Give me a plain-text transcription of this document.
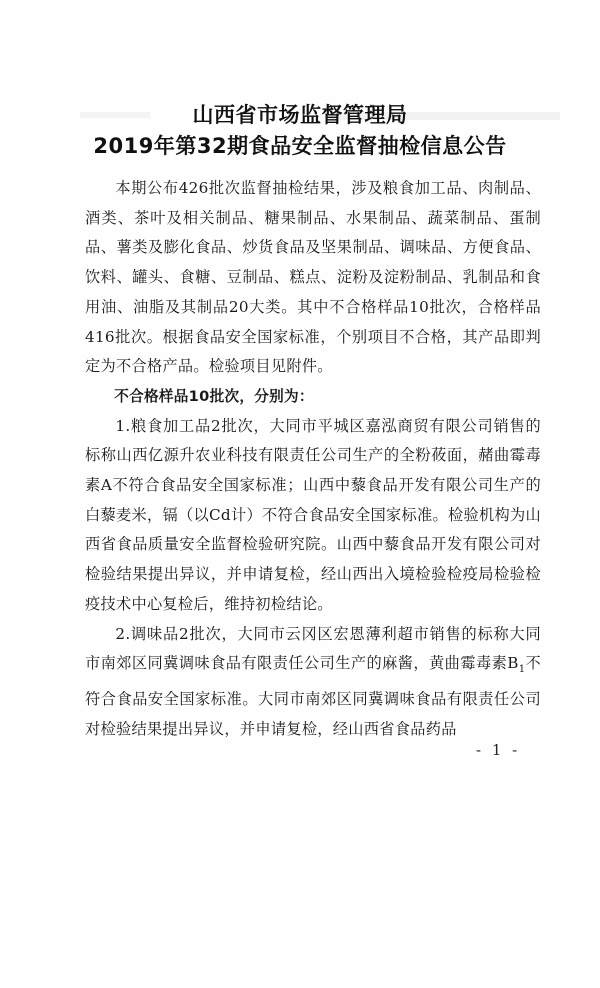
山西省市场监督管理局
2019年第32期食品安全监督抽检信息公告

本期公布426批次监督抽检结果，涉及粮食加工品、肉制品、酒类、茶叶及相关制品、糖果制品、水果制品、蔬菜制品、蛋制品、薯类及膨化食品、炒货食品及坚果制品、调味品、方便食品、饮料、罐头、食糖、豆制品、糕点、淀粉及淀粉制品、乳制品和食用油、油脂及其制品20大类。其中不合格样品10批次，合格样品416批次。根据食品安全国家标准，个别项目不合格，其产品即判定为不合格产品。检验项目见附件。

不合格样品10批次，分别为：

1.粮食加工品2批次，大同市平城区嘉泓商贸有限公司销售的标称山西亿源升农业科技有限责任公司生产的全粉莜面，赭曲霉毒素A不符合食品安全国家标准；山西中藜食品开发有限公司生产的白藜麦米，镉（以Cd计）不符合食品安全国家标准。检验机构为山西省食品质量安全监督检验研究院。山西中藜食品开发有限公司对检验结果提出异议，并申请复检，经山西出入境检验检疫局检验检疫技术中心复检后，维持初检结论。

2.调味品2批次，大同市云冈区宏恩薄利超市销售的标称大同市南郊区同冀调味食品有限责任公司生产的麻酱，黄曲霉毒素$B_1$不符合食品安全国家标准。大同市南郊区同冀调味食品有限责任公司对检验结果提出异议，并申请复检，经山西省食品药品

- 1 -
